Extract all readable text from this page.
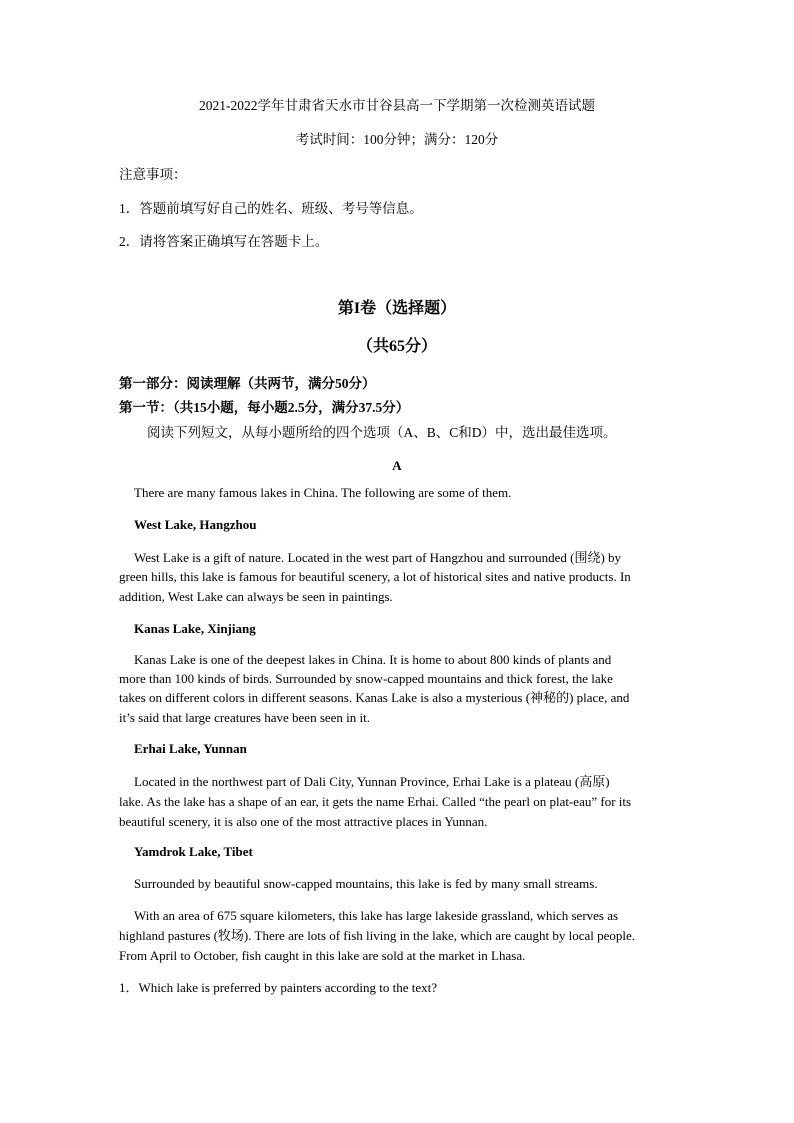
2021-2022学年甘肃省天水市甘谷县高一下学期第一次检测英语试题
考试时间：100分钟；满分：120分
注意事项：
1．答题前填写好自己的姓名、班级、考号等信息。
2．请将答案正确填写在答题卡上。
第I卷（选择题）
（共65分）
第一部分：阅读理解（共两节，满分50分）
第一节：（共15小题，每小题2.5分，满分37.5分）
阅读下列短文，从每小题所给的四个选项（A、B、C和D）中，选出最佳选项。
A
There are many famous lakes in China. The following are some of them.
West Lake, Hangzhou
West Lake is a gift of nature. Located in the west part of Hangzhou and surrounded (围绕) by
green hills, this lake is famous for beautiful scenery, a lot of historical sites and native products. In
addition, West Lake can always be seen in paintings.
Kanas Lake, Xinjiang
Kanas Lake is one of the deepest lakes in China. It is home to about 800 kinds of plants and
more than 100 kinds of birds. Surrounded by snow-capped mountains and thick forest, the lake
takes on different colors in different seasons. Kanas Lake is also a mysterious (神秘的) place, and
it’s said that large creatures have been seen in it.
Erhai Lake, Yunnan
Located in the northwest part of Dali City, Yunnan Province, Erhai Lake is a plateau (高原)
lake. As the lake has a shape of an ear, it gets the name Erhai. Called “the pearl on plat-eau” for its
beautiful scenery, it is also one of the most attractive places in Yunnan.
Yamdrok Lake, Tibet
Surrounded by beautiful snow-capped mountains, this lake is fed by many small streams.
With an area of 675 square kilometers, this lake has large lakeside grassland, which serves as
highland pastures (牧场). There are lots of fish living in the lake, which are caught by local people.
From April to October, fish caught in this lake are sold at the market in Lhasa.
1．Which lake is preferred by painters according to the text?
